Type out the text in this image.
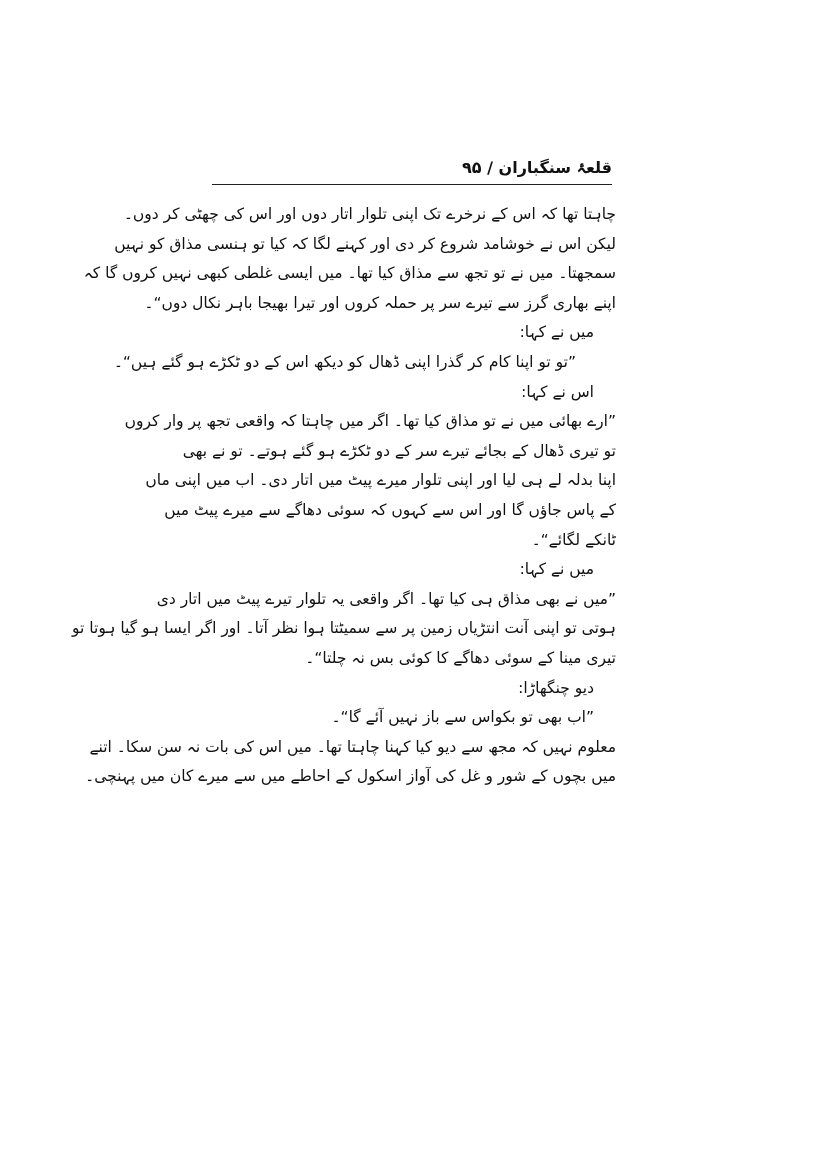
قلعۂ سنگباران / ۹۵
چاہتا تھا کہ اس کے نرخرے تک اپنی تلوار اتار دوں اور اس کی چھٹی کر دوں۔
لیکن اس نے خوشامد شروع کر دی اور کہنے لگا کہ کیا تو ہنسی مذاق کو نہیں
سمجھتا۔ میں نے تو تجھ سے مذاق کیا تھا۔ میں ایسی غلطی کبھی نہیں کروں گا کہ
اپنے بھاری گرز سے تیرے سر پر حملہ کروں اور تیرا بھیجا باہر نکال دوں“۔
میں نے کہا:
”تو تو اپنا کام کر گذرا اپنی ڈھال کو دیکھ اس کے دو ٹکڑے ہو گئے ہیں“۔
اس نے کہا:
”ارے بھائی میں نے تو مذاق کیا تھا۔ اگر میں چاہتا کہ واقعی تجھ پر وار کروں
تو تیری ڈھال کے بجائے تیرے سر کے دو ٹکڑے ہو گئے ہوتے۔ تو نے بھی
اپنا بدلہ لے ہی لیا اور اپنی تلوار میرے پیٹ میں اتار دی۔ اب میں اپنی ماں
کے پاس جاؤں گا اور اس سے کہوں کہ سوئی دھاگے سے میرے پیٹ میں
ٹانکے لگائے“۔
میں نے کہا:
”میں نے بھی مذاق ہی کیا تھا۔ اگر واقعی یہ تلوار تیرے پیٹ میں اتار دی
ہوتی تو اپنی آنت انتڑیاں زمین پر سے سمیٹتا ہوا نظر آتا۔ اور اگر ایسا ہو گیا ہوتا تو
تیری مینا کے سوئی دھاگے کا کوئی بس نہ چلتا“۔
دیو چنگھاڑا:
”اب بھی تو بکواس سے باز نہیں آئے گا“۔
معلوم نہیں کہ مجھ سے دیو کیا کہنا چاہتا تھا۔ میں اس کی بات نہ سن سکا۔ اتنے
میں بچوں کے شور و غل کی آواز اسکول کے احاطے میں سے میرے کان میں پہنچی۔
